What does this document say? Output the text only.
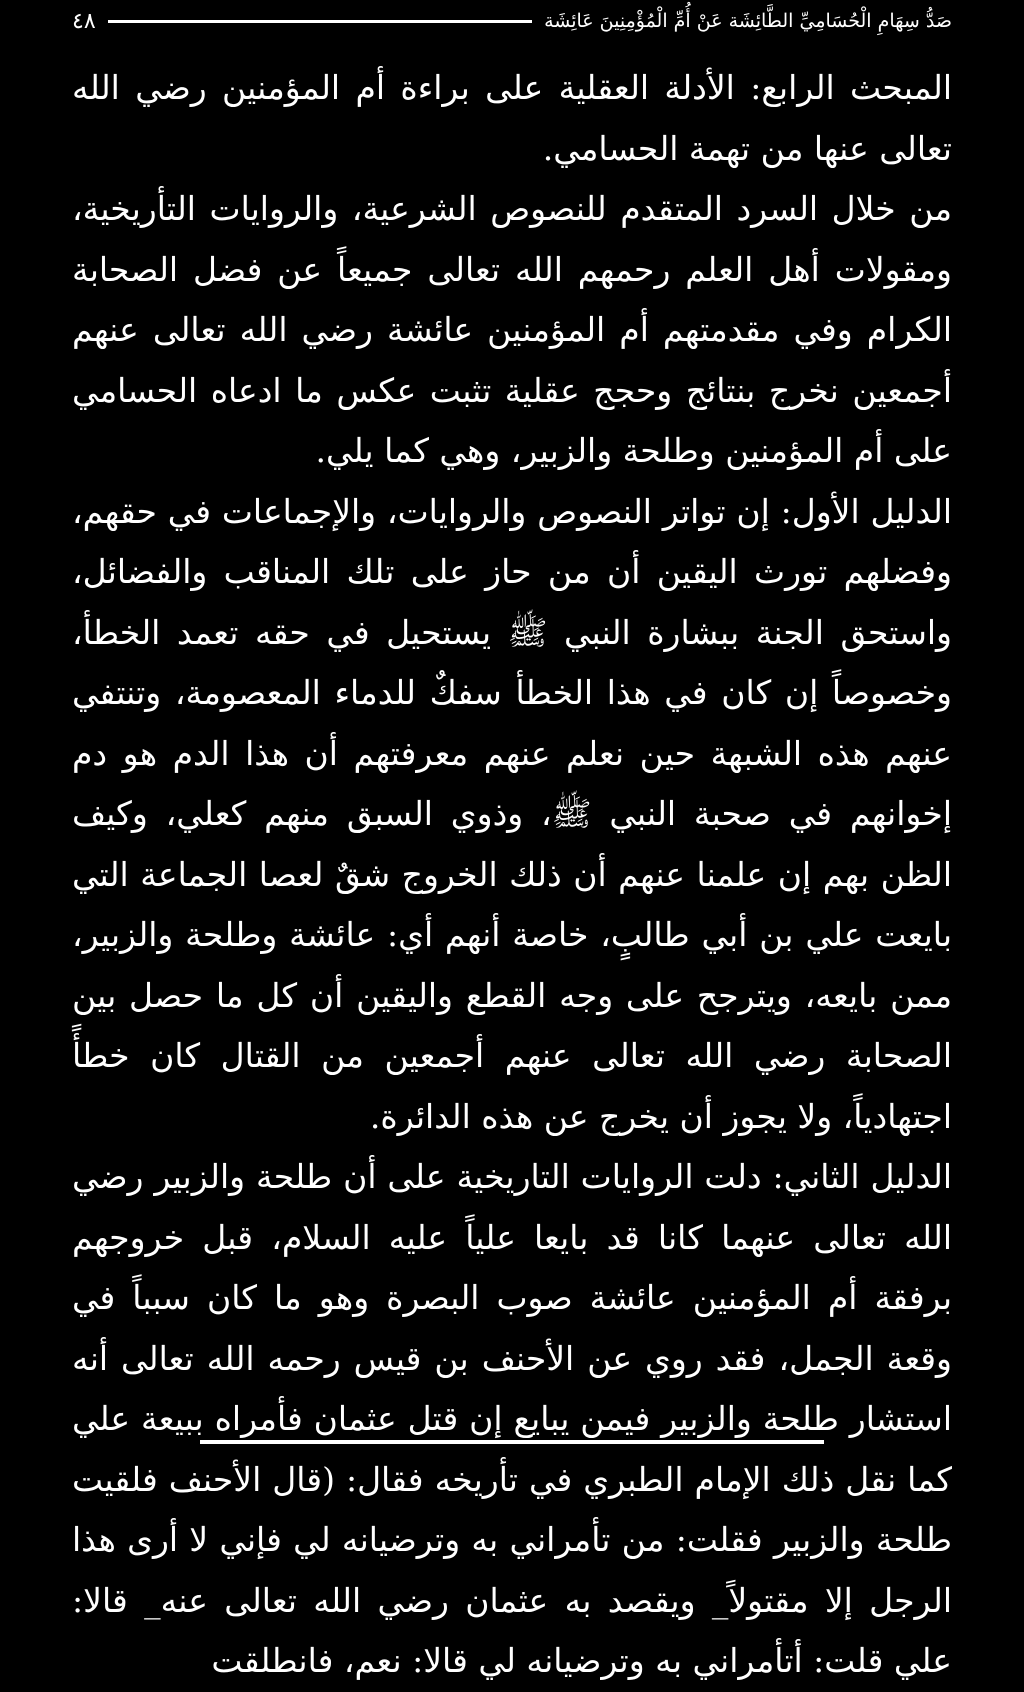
صَدُّ سِهَامِ الْحُسَامِيِّ الطَّائِشَة عَنْ أُمِّ الْمُؤْمِنِينَ عَائِشَة
٤٨

المبحث الرابع: الأدلة العقلية على براءة أم المؤمنين رضي الله تعالى عنها من تهمة الحسامي.

من خلال السرد المتقدم للنصوص الشرعية، والروايات التأريخية، ومقولات أهل العلم رحمهم الله تعالى جميعاً عن فضل الصحابة الكرام وفي مقدمتهم أم المؤمنين عائشة رضي الله تعالى عنهم أجمعين نخرج بنتائج وحجج عقلية تثبت عكس ما ادعاه الحسامي على أم المؤمنين وطلحة والزبير، وهي كما يلي.

الدليل الأول: إن تواتر النصوص والروايات، والإجماعات في حقهم، وفضلهم تورث اليقين أن من حاز على تلك المناقب والفضائل، واستحق الجنة ببشارة النبي ﷺ يستحيل في حقه تعمد الخطأ، وخصوصاً إن كان في هذا الخطأ سفكٌ للدماء المعصومة، وتنتفي عنهم هذه الشبهة حين نعلم عنهم معرفتهم أن هذا الدم هو دم إخوانهم في صحبة النبي ﷺ، وذوي السبق منهم كعلي، وكيف الظن بهم إن علمنا عنهم أن ذلك الخروج شقٌ لعصا الجماعة التي بايعت علي بن أبي طالبٍ، خاصة أنهم أي: عائشة وطلحة والزبير، ممن بايعه، ويترجح على وجه القطع واليقين أن كل ما حصل بين الصحابة رضي الله تعالى عنهم أجمعين من القتال كان خطأً اجتهادياً، ولا يجوز أن يخرج عن هذه الدائرة.

الدليل الثاني: دلت الروايات التاريخية على أن طلحة والزبير رضي الله تعالى عنهما كانا قد بايعا علياً عليه السلام، قبل خروجهم برفقة أم المؤمنين عائشة صوب البصرة وهو ما كان سبباً في وقعة الجمل، فقد روي عن الأحنف بن قيس رحمه الله تعالى أنه استشار طلحة والزبير فيمن يبايع إن قتل عثمان فأمراه ببيعة علي كما نقل ذلك الإمام الطبري في تأريخه فقال: (قال الأحنف فلقيت طلحة والزبير فقلت: من تأمراني به وترضيانه لي فإني لا أرى هذا الرجل إلا مقتولاً_ ويقصد به عثمان رضي الله تعالى عنه_ قالا: علي قلت: أتأمراني به وترضيانه لي قالا: نعم، فانطلقت
